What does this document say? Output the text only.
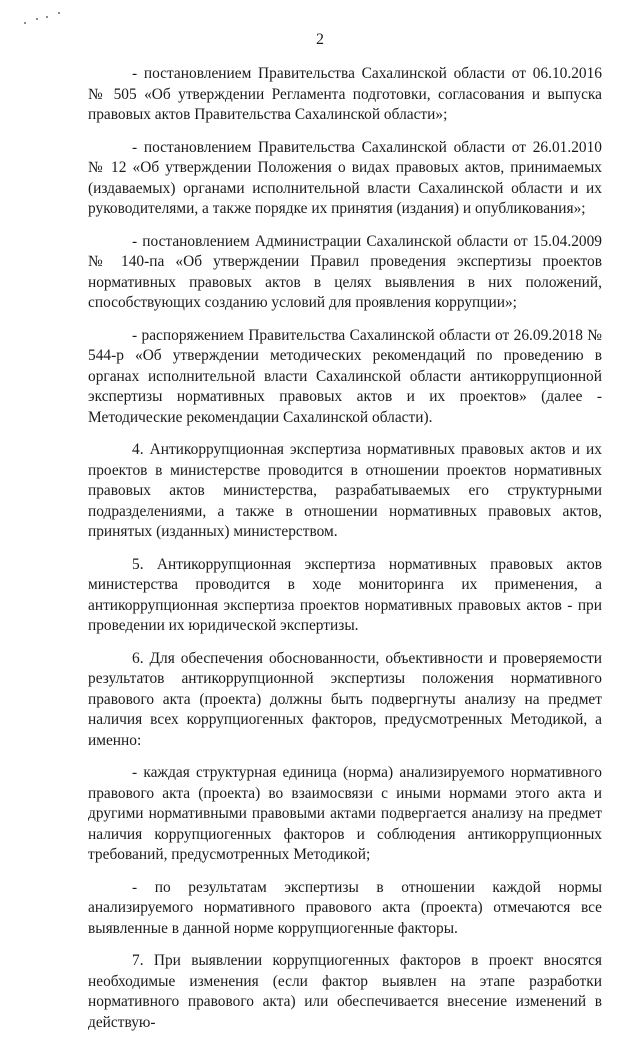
2

- постановлением Правительства Сахалинской области от 06.10.2016 № 505 «Об утверждении Регламента подготовки, согласования и выпуска правовых актов Правительства Сахалинской области»;

- постановлением Правительства Сахалинской области от 26.01.2010 № 12 «Об утверждении Положения о видах правовых актов, принимаемых (издаваемых) органами исполнительной власти Сахалинской области и их руководителями, а также порядке их принятия (издания) и опубликования»;

- постановлением Администрации Сахалинской области от 15.04.2009 № 140-па «Об утверждении Правил проведения экспертизы проектов нормативных правовых актов в целях выявления в них положений, способствующих созданию условий для проявления коррупции»;

- распоряжением Правительства Сахалинской области от 26.09.2018 № 544-р «Об утверждении методических рекомендаций по проведению в органах исполнительной власти Сахалинской области антикоррупционной экспертизы нормативных правовых актов и их проектов» (далее - Методические рекомендации Сахалинской области).

4. Антикоррупционная экспертиза нормативных правовых актов и их проектов в министерстве проводится в отношении проектов нормативных правовых актов министерства, разрабатываемых его структурными подразделениями, а также в отношении нормативных правовых актов, принятых (изданных) министерством.

5. Антикоррупционная экспертиза нормативных правовых актов министерства проводится в ходе мониторинга их применения, а антикоррупционная экспертиза проектов нормативных правовых актов - при проведении их юридической экспертизы.

6. Для обеспечения обоснованности, объективности и проверяемости результатов антикоррупционной экспертизы положения нормативного правового акта (проекта) должны быть подвергнуты анализу на предмет наличия всех коррупциогенных факторов, предусмотренных Методикой, а именно:

- каждая структурная единица (норма) анализируемого нормативного правового акта (проекта) во взаимосвязи с иными нормами этого акта и другими нормативными правовыми актами подвергается анализу на предмет наличия коррупциогенных факторов и соблюдения антикоррупционных требований, предусмотренных Методикой;

- по результатам экспертизы в отношении каждой нормы анализируемого нормативного правового акта (проекта) отмечаются все выявленные в данной норме коррупциогенные факторы.

7. При выявлении коррупциогенных факторов в проект вносятся необходимые изменения (если фактор выявлен на этапе разработки нормативного правового акта) или обеспечивается внесение изменений в действую-
